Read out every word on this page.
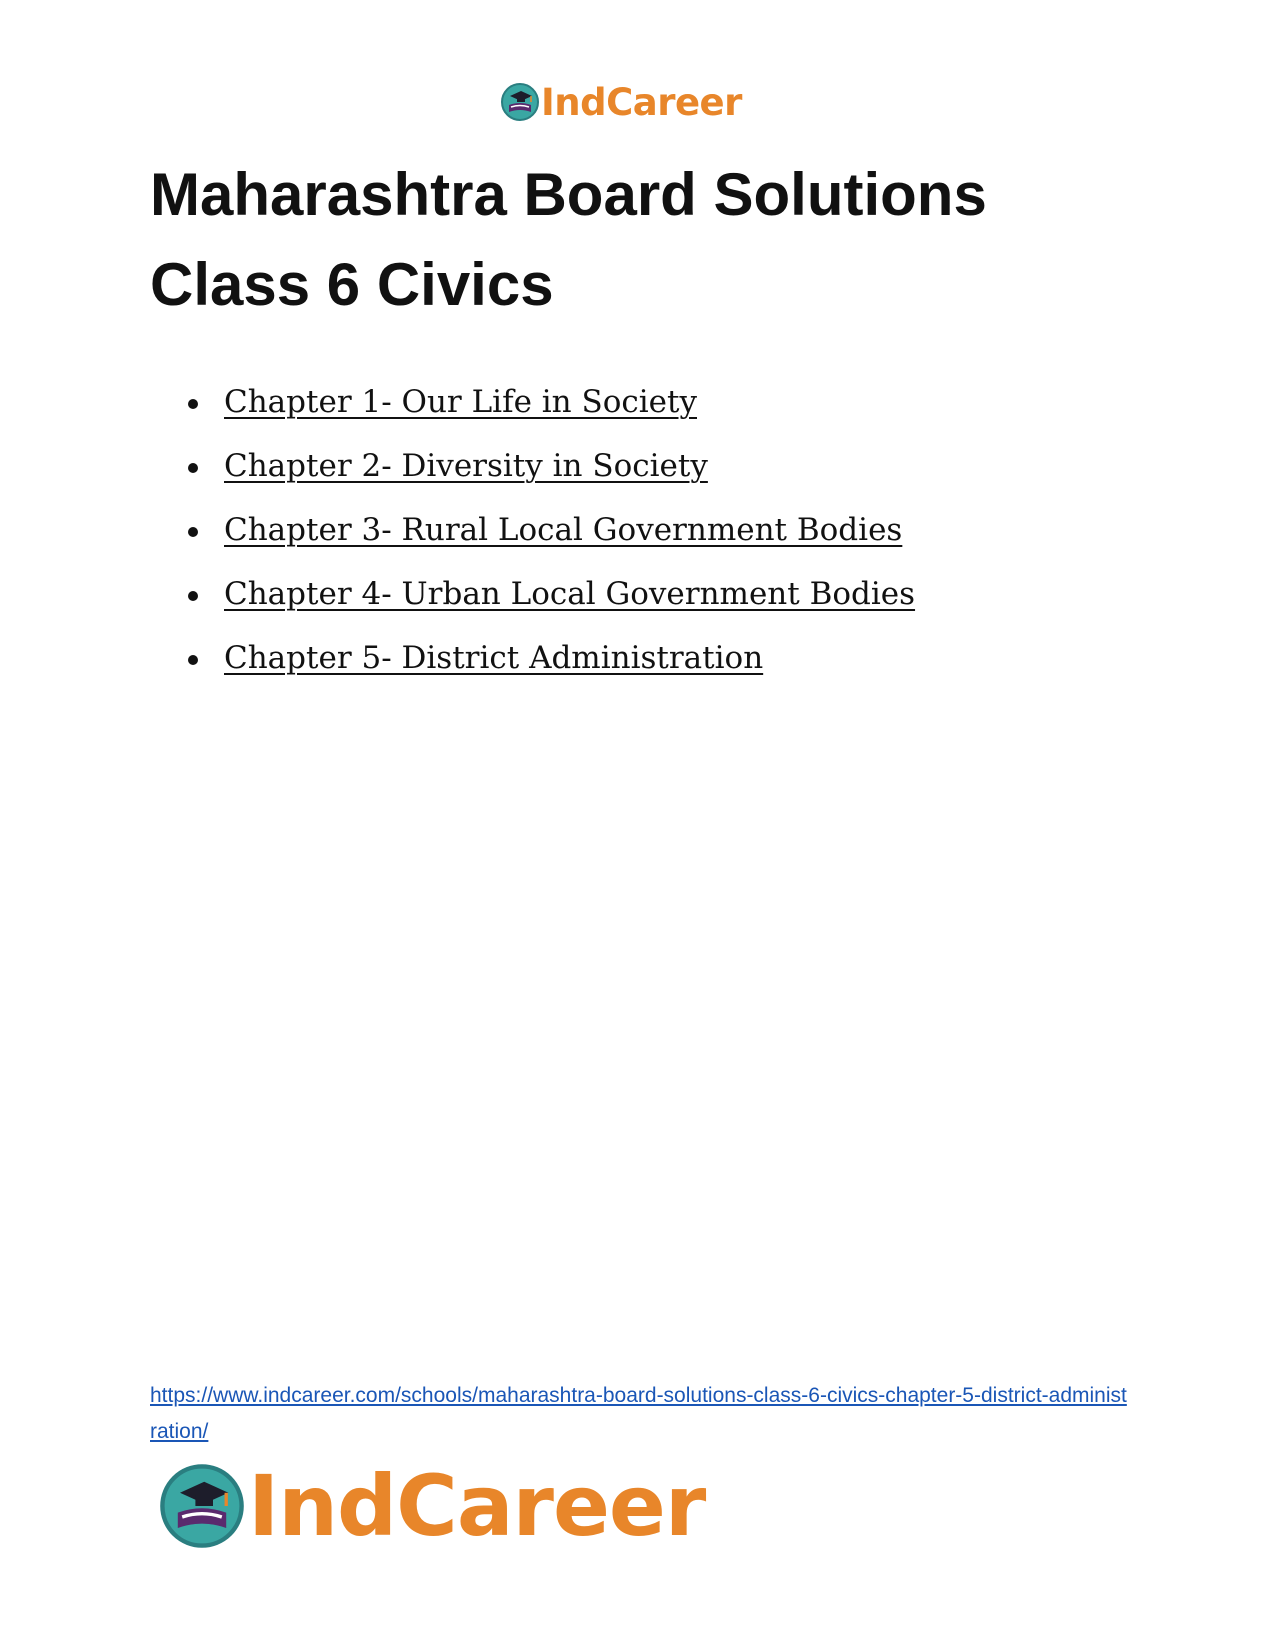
IndCareer
Maharashtra Board Solutions Class 6 Civics
Chapter 1- Our Life in Society
Chapter 2- Diversity in Society
Chapter 3- Rural Local Government Bodies
Chapter 4- Urban Local Government Bodies
Chapter 5- District Administration
https://www.indcareer.com/schools/maharashtra-board-solutions-class-6-civics-chapter-5-district-administration/
IndCareer
